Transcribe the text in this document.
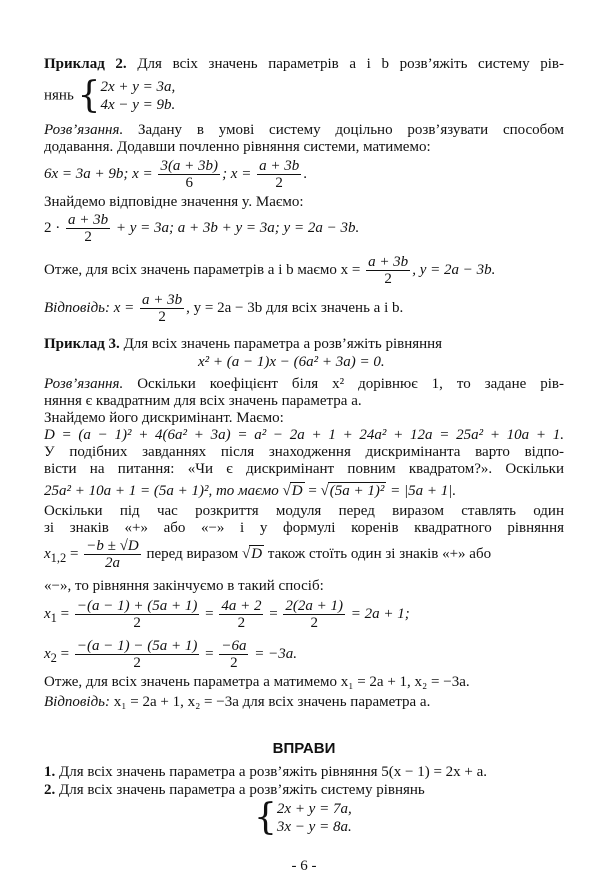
Приклад 2. Для всіх значень параметрів a і b розв’яжіть систему рів-
нянь { 2x + y = 3a,
4x − y = 9b.
Розв’язання. Задану в умові систему доцільно розв’язувати способом
додавання. Додавши почленно рівняння системи, матимемо:
6x = 3a + 9b; $x = \frac{3(a + 3b)}{6}$ ; $x = \frac{a + 3b}{2}$ .
Знайдемо відповідне значення y. Маємо:
$2 \cdot \frac{a + 3b}{2} + y = 3a$; a + 3b + y = 3a; y = 2a − 3b.
Отже, для всіх значень параметрів a і b маємо $x = \frac{a + 3b}{2}$ , y = 2a − 3b.
Відповідь: $x = \frac{a + 3b}{2}$ , y = 2a − 3b для всіх значень a і b.
Приклад 3. Для всіх значень параметра a розв’яжіть рівняння
x² + (a − 1)x − (6a² + 3a) = 0.
Розв’язання. Оскільки коефіцієнт біля x² дорівнює 1, то задане рів-
няння є квадратним для всіх значень параметра a.
Знайдемо його дискримінант. Маємо:
D = (a − 1)² + 4(6a² + 3a) = a² − 2a + 1 + 24a² + 12a = 25a² + 10a + 1.
У подібних завданнях після знаходження дискримінанта варто відпо-
вісти на питання: «Чи є дискримінант повним квадратом?». Оскільки
25a² + 10a + 1 = (5a + 1)², то маємо √D = √(5a + 1)² = |5a + 1|.
Оскільки під час розкриття модуля перед виразом ставлять один
зі знаків «+» або «−» і у формулі коренів квадратного рівняння
$x_{1,2} = \frac{-b \pm √D}{2a}$ перед виразом √D також стоїть один зі знаків «+» або
«−», то рівняння закінчуємо в такий спосіб:
$x_1 = \frac{-(a - 1) + (5a + 1)}{2} = \frac{4a + 2}{2} = \frac{2(2a + 1)}{2} = 2a + 1$;
$x_2 = \frac{-(a - 1) - (5a + 1)}{2} = \frac{-6a}{2} = -3a$.
Отже, для всіх значень параметра a матимемо x₁ = 2a + 1, x₂ = −3a.
Відповідь: x₁ = 2a + 1, x₂ = −3a для всіх значень параметра a.
ВПРАВИ
1. Для всіх значень параметра a розв’яжіть рівняння 5(x − 1) = 2x + a.
2. Для всіх значень параметра a розв’яжіть систему рівнянь
{ 2x + y = 7a,
3x − y = 8a.
- 6 -
